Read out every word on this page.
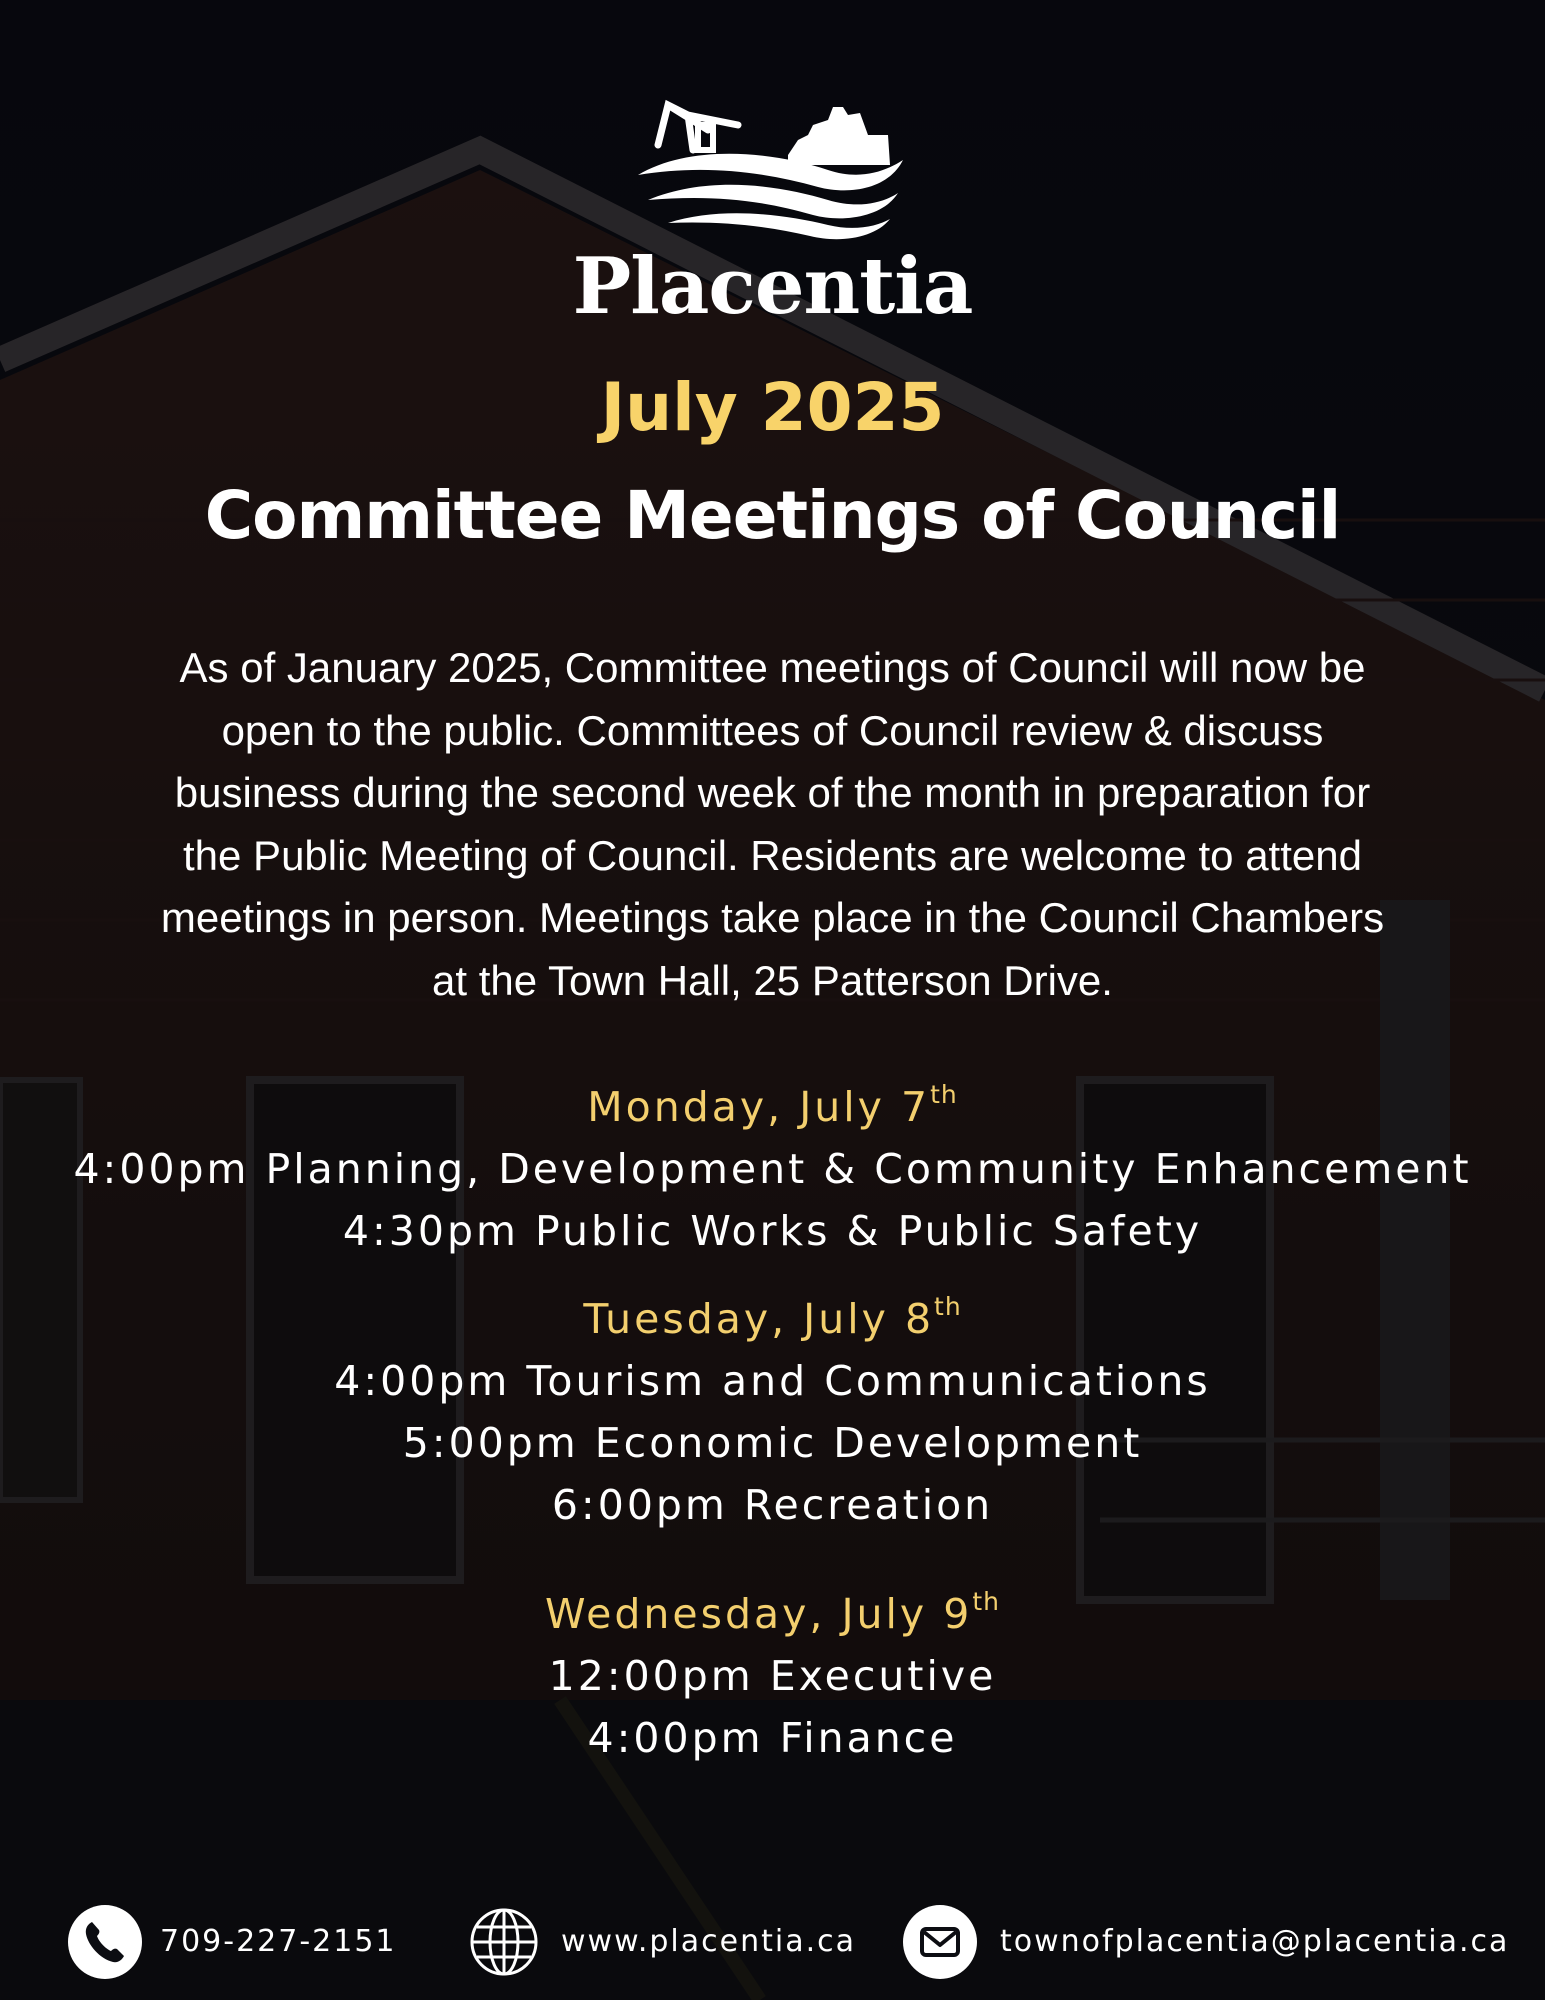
Placentia
July 2025
Committee Meetings of Council
As of January 2025, Committee meetings of Council will now be
open to the public. Committees of Council review & discuss
business during the second week of the month in preparation for
the Public Meeting of Council. Residents are welcome to attend
meetings in person. Meetings take place in the Council Chambers
at the Town Hall, 25 Patterson Drive.
Monday, July 7th
4:00pm Planning, Development & Community Enhancement
4:30pm Public Works & Public Safety
Tuesday, July 8th
4:00pm Tourism and Communications
5:00pm Economic Development
6:00pm Recreation
Wednesday, July 9th
12:00pm Executive
4:00pm Finance
709-227-2151	www.placentia.ca	townofplacentia@placentia.ca
